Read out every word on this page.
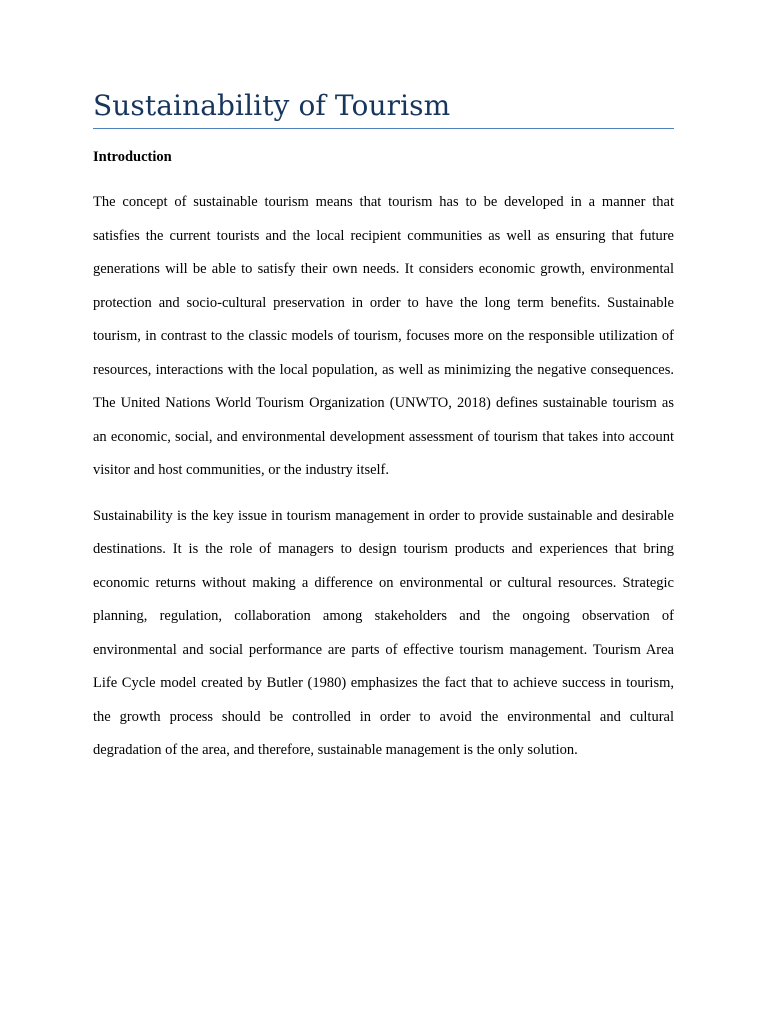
Sustainability of Tourism
Introduction

The concept of sustainable tourism means that tourism has to be developed in a manner that satisfies the current tourists and the local recipient communities as well as ensuring that future generations will be able to satisfy their own needs. It considers economic growth, environmental protection and socio-cultural preservation in order to have the long term benefits. Sustainable tourism, in contrast to the classic models of tourism, focuses more on the responsible utilization of resources, interactions with the local population, as well as minimizing the negative consequences. The United Nations World Tourism Organization (UNWTO, 2018) defines sustainable tourism as an economic, social, and environmental development assessment of tourism that takes into account visitor and host communities, or the industry itself.

Sustainability is the key issue in tourism management in order to provide sustainable and desirable destinations. It is the role of managers to design tourism products and experiences that bring economic returns without making a difference on environmental or cultural resources. Strategic planning, regulation, collaboration among stakeholders and the ongoing observation of environmental and social performance are parts of effective tourism management. Tourism Area Life Cycle model created by Butler (1980) emphasizes the fact that to achieve success in tourism, the growth process should be controlled in order to avoid the environmental and cultural degradation of the area, and therefore, sustainable management is the only solution.
